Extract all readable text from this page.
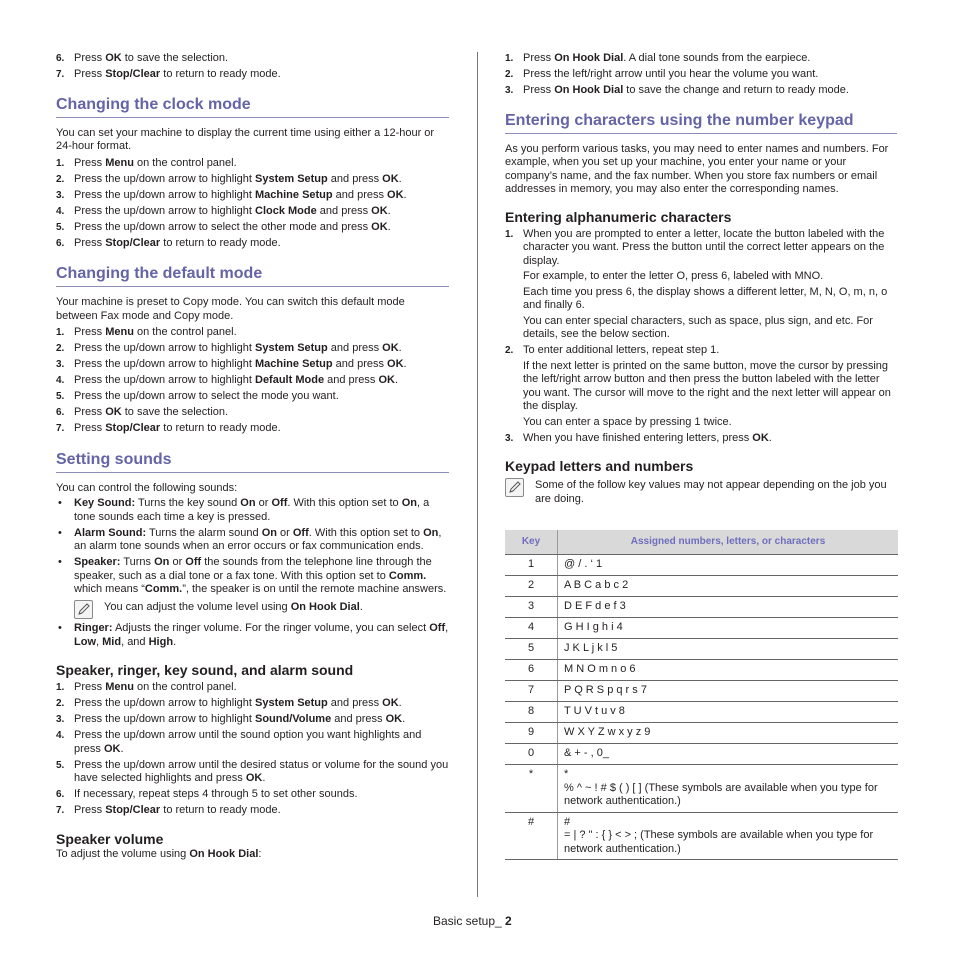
6. Press OK to save the selection.
7. Press Stop/Clear to return to ready mode.
Changing the clock mode

You can set your machine to display the current time using either a 12-hour or 24-hour format.

1. Press Menu on the control panel.
2. Press the up/down arrow to highlight System Setup and press OK.
3. Press the up/down arrow to highlight Machine Setup and press OK.
4. Press the up/down arrow to highlight Clock Mode and press OK.
5. Press the up/down arrow to select the other mode and press OK.
6. Press Stop/Clear to return to ready mode.
Changing the default mode

Your machine is preset to Copy mode. You can switch this default mode between Fax mode and Copy mode.

1. Press Menu on the control panel.
2. Press the up/down arrow to highlight System Setup and press OK.
3. Press the up/down arrow to highlight Machine Setup and press OK.
4. Press the up/down arrow to highlight Default Mode and press OK.
5. Press the up/down arrow to select the mode you want.
6. Press OK to save the selection.
7. Press Stop/Clear to return to ready mode.
Setting sounds

You can control the following sounds:

• Key Sound: Turns the key sound On or Off. With this option set to On, a tone sounds each time a key is pressed.
• Alarm Sound: Turns the alarm sound On or Off. With this option set to On, an alarm tone sounds when an error occurs or fax communication ends.
• Speaker: Turns On or Off the sounds from the telephone line through the speaker, such as a dial tone or a fax tone. With this option set to Comm. which means “Comm.”, the speaker is on until the remote machine answers.
You can adjust the volume level using On Hook Dial.
• Ringer: Adjusts the ringer volume. For the ringer volume, you can select Off, Low, Mid, and High.
Speaker, ringer, key sound, and alarm sound
1. Press Menu on the control panel.
2. Press the up/down arrow to highlight System Setup and press OK.
3. Press the up/down arrow to highlight Sound/Volume and press OK.
4. Press the up/down arrow until the sound option you want highlights and press OK.
5. Press the up/down arrow until the desired status or volume for the sound you have selected highlights and press OK.
6. If necessary, repeat steps 4 through 5 to set other sounds.
7. Press Stop/Clear to return to ready mode.
Speaker volume

To adjust the volume using On Hook Dial:

1. Press On Hook Dial. A dial tone sounds from the earpiece.
2. Press the left/right arrow until you hear the volume you want.
3. Press On Hook Dial to save the change and return to ready mode.
Entering characters using the number keypad

As you perform various tasks, you may need to enter names and numbers. For example, when you set up your machine, you enter your name or your company’s name, and the fax number. When you store fax numbers or email addresses in memory, you may also enter the corresponding names.

Entering alphanumeric characters
1. When you are prompted to enter a letter, locate the button labeled with the character you want. Press the button until the correct letter appears on the display.

For example, to enter the letter O, press 6, labeled with MNO.

Each time you press 6, the display shows a different letter, M, N, O, m, n, o and finally 6.

You can enter special characters, such as space, plus sign, and etc. For details, see the below section.

2. To enter additional letters, repeat step 1.

If the next letter is printed on the same button, move the cursor by pressing the left/right arrow button and then press the button labeled with the letter you want. The cursor will move to the right and the next letter will appear on the display.

You can enter a space by pressing 1 twice.

3. When you have finished entering letters, press OK.
Keypad letters and numbers
Some of the follow key values may not appear depending on the job you are doing.
Key	Assigned numbers, letters, or characters
1	@ / . ‘ 1
2	A B C a b c 2
3	D E F d e f 3
4	G H I g h i 4
5	J K L j k l 5
6	M N O m n o 6
7	P Q R S p q r s 7
8	T U V t u v 8
9	W X Y Z w x y z 9
0	& + - , 0_
*	*
% ^ ~ ! # $ ( ) [ ] (These symbols are available when you type for network authentication.)

#	#
= | ? " : { } < > ; (These symbols are available when you type for network authentication.)
Basic setup_ 2
